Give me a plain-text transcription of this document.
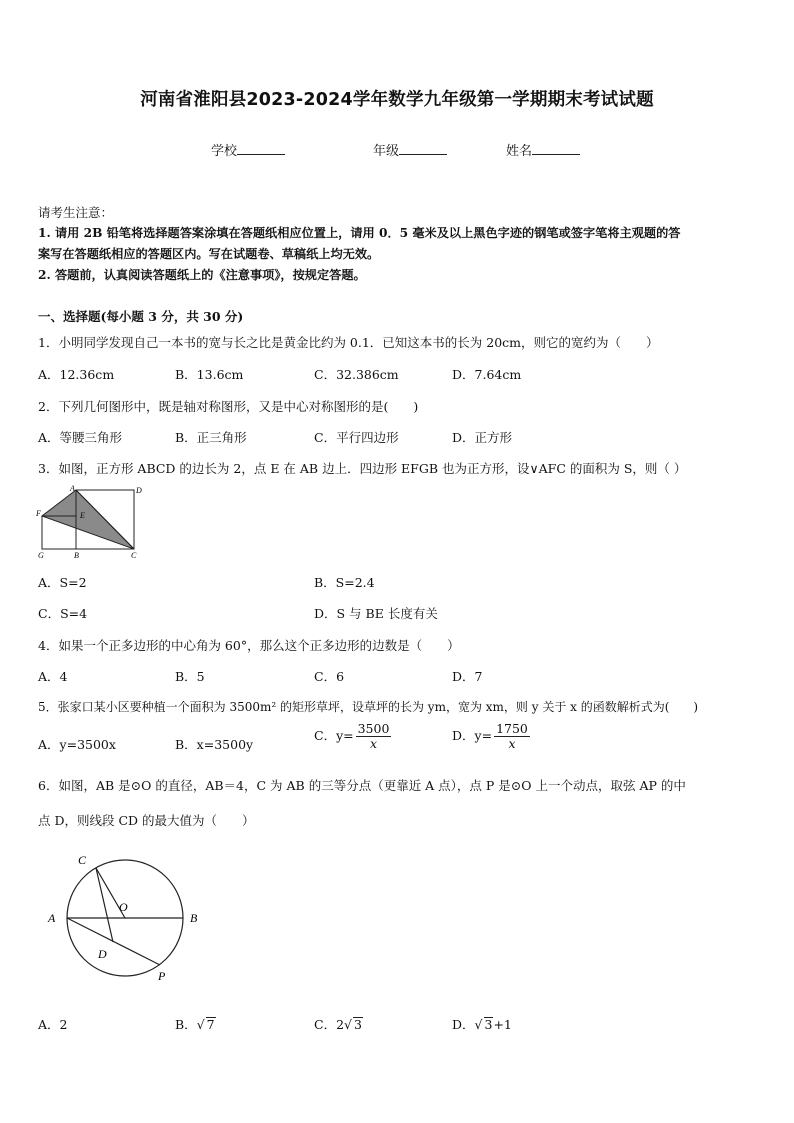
河南省淮阳县2023-2024学年数学九年级第一学期期末考试试题
学校	年级	姓名
请考生注意：
1. 请用 2B 铅笔将选择题答案涂填在答题纸相应位置上，请用 0．5 毫米及以上黑色字迹的钢笔或签字笔将主观题的答
案写在答题纸相应的答题区内。写在试题卷、草稿纸上均无效。
2. 答题前，认真阅读答题纸上的《注意事项》，按规定答题。
一、选择题(每小题 3 分，共 30 分)
1．小明同学发现自己一本书的宽与长之比是黄金比约为 0.1．已知这本书的长为 20cm，则它的宽约为（　　）
A．12.36cm	B．13.6cm	C．32.386cm	D．7.64cm
2．下列几何图形中，既是轴对称图形，又是中心对称图形的是(　　)
A．等腰三角形	B．正三角形	C．平行四边形	D．正方形
3．如图，正方形 ABCD 的边长为 2，点 E 在 AB 边上．四边形 EFGB 也为正方形，设∨AFC 的面积为 S，则（ ）
A	D
F	E
G	B	C
A．S=2	B．S=2.4
C．S=4	D．S 与 BE 长度有关
4．如果一个正多边形的中心角为 60°，那么这个正多边形的边数是（　　）
A．4	B．5	C．6	D．7
5．张家口某小区要种植一个面积为 3500m² 的矩形草坪，设草坪的长为 ym，宽为 xm，则 y 关于 x 的函数解析式为(　　)
A．y=3500x	B．x=3500y
C．$y= \frac{3500}{x}$	D．$y= \frac{1750}{x}$
6．如图，AB 是⊙O 的直径，AB＝4，C 为 AB 的三等分点（更靠近 A 点），点 P 是⊙O 上一个动点，取弦 AP 的中
点 D，则线段 CD 的最大值为（　　）
C
O
A	B
D
P
A．2	B．√ 7	C．2√ 3	D．√ 3+1
